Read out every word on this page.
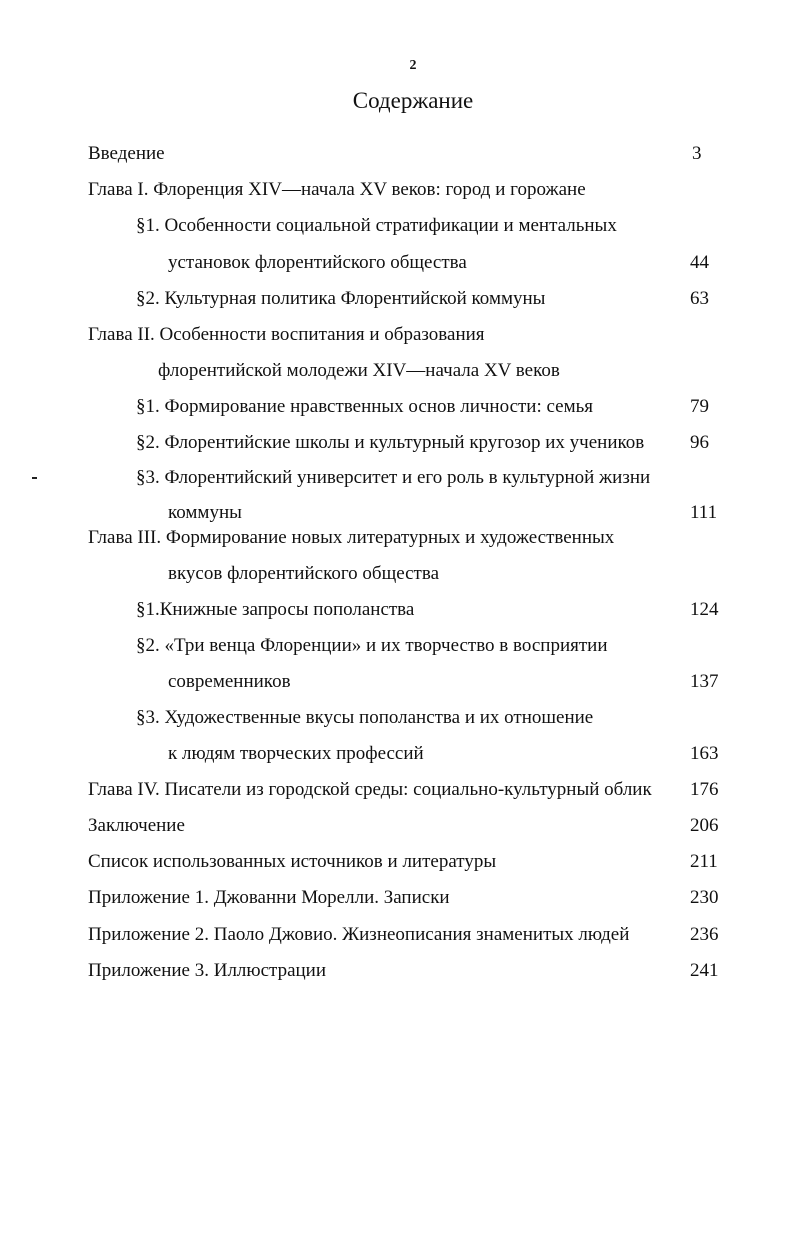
2
Содержание
Введение	3
Глава I. Флоренция XIV—начала XV веков: город и горожане
§1. Особенности социальной стратификации и ментальных
установок флорентийского общества	44
§2. Культурная политика Флорентийской коммуны	63
Глава II. Особенности воспитания и образования
флорентийской молодежи XIV—начала XV веков
§1. Формирование нравственных основ личности: семья	79
§2. Флорентийские школы и культурный кругозор их учеников 96
§3. Флорентийский университет и его роль в культурной жизни
коммуны	111
Глава III. Формирование новых литературных и художественных
вкусов флорентийского общества
§1.Книжные запросы пополанства	124
§2. «Три венца Флоренции» и их творчество в восприятии
современников	137
§3. Художественные вкусы пополанства и их отношение
к людям творческих профессий	163
Глава IV. Писатели из городской среды: социально-культурный облик 176
Заключение	206
Список использованных источников и литературы	211
Приложение 1. Джованни Морелли. Записки	230
Приложение 2. Паоло Джовио. Жизнеописания знаменитых людей	236
Приложение 3. Иллюстрации	241
